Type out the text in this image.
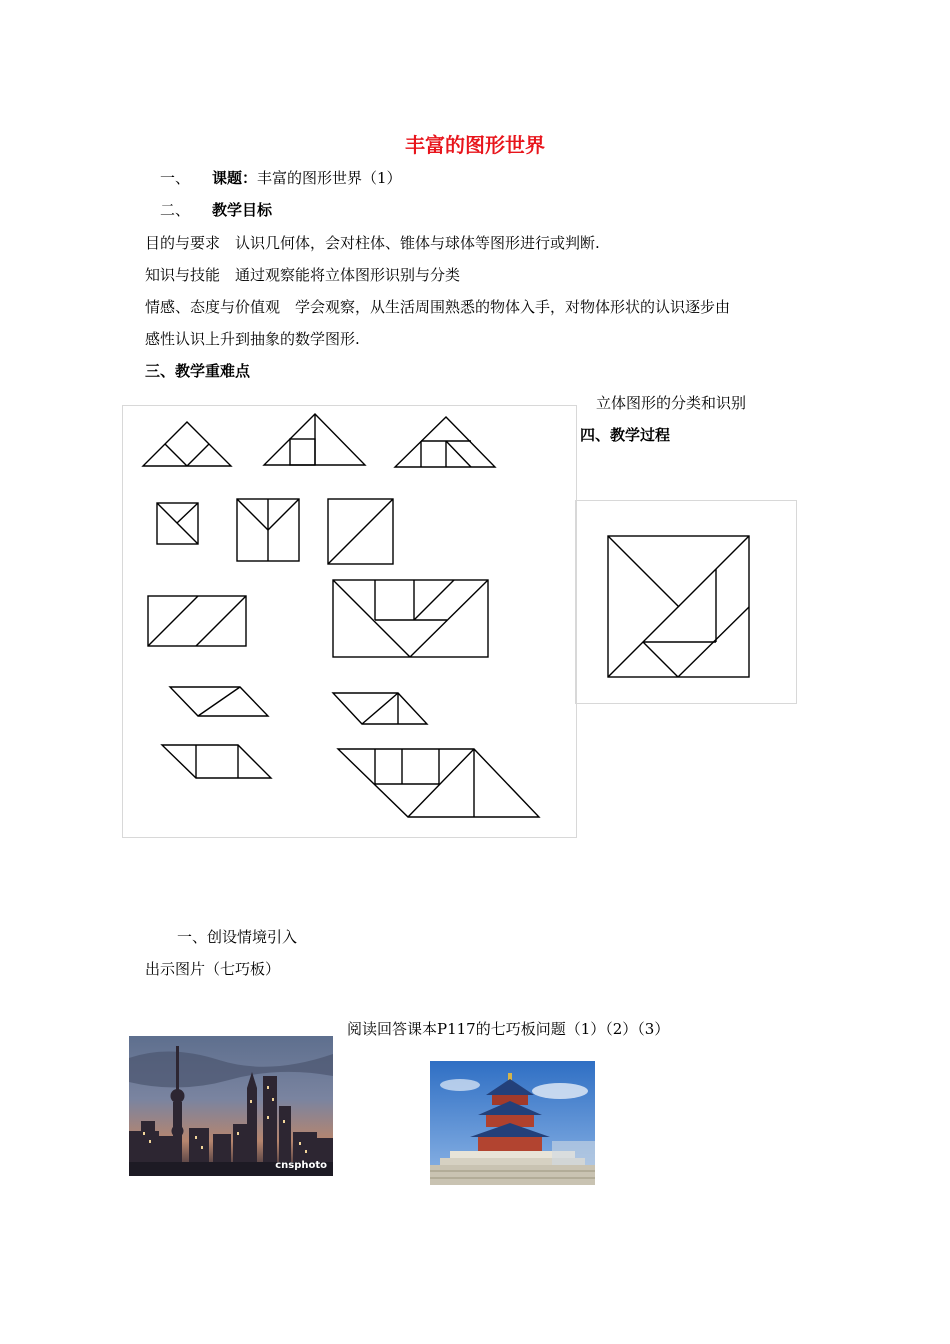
丰富的图形世界
一、 课题：丰富的图形世界（1）
二、 教学目标
目的与要求　认识几何体，会对柱体、锥体与球体等图形进行或判断.
知识与技能　通过观察能将立体图形识别与分类
情感、态度与价值观　学会观察，从生活周围熟悉的物体入手，对物体形状的认识逐步由
感性认识上升到抽象的数学图形.
三、教学重难点
立体图形的分类和识别
四、教学过程
一、创设情境引入
出示图片（七巧板）
阅读回答课本P117的七巧板问题（1）（2）（3）
cnsphoto
